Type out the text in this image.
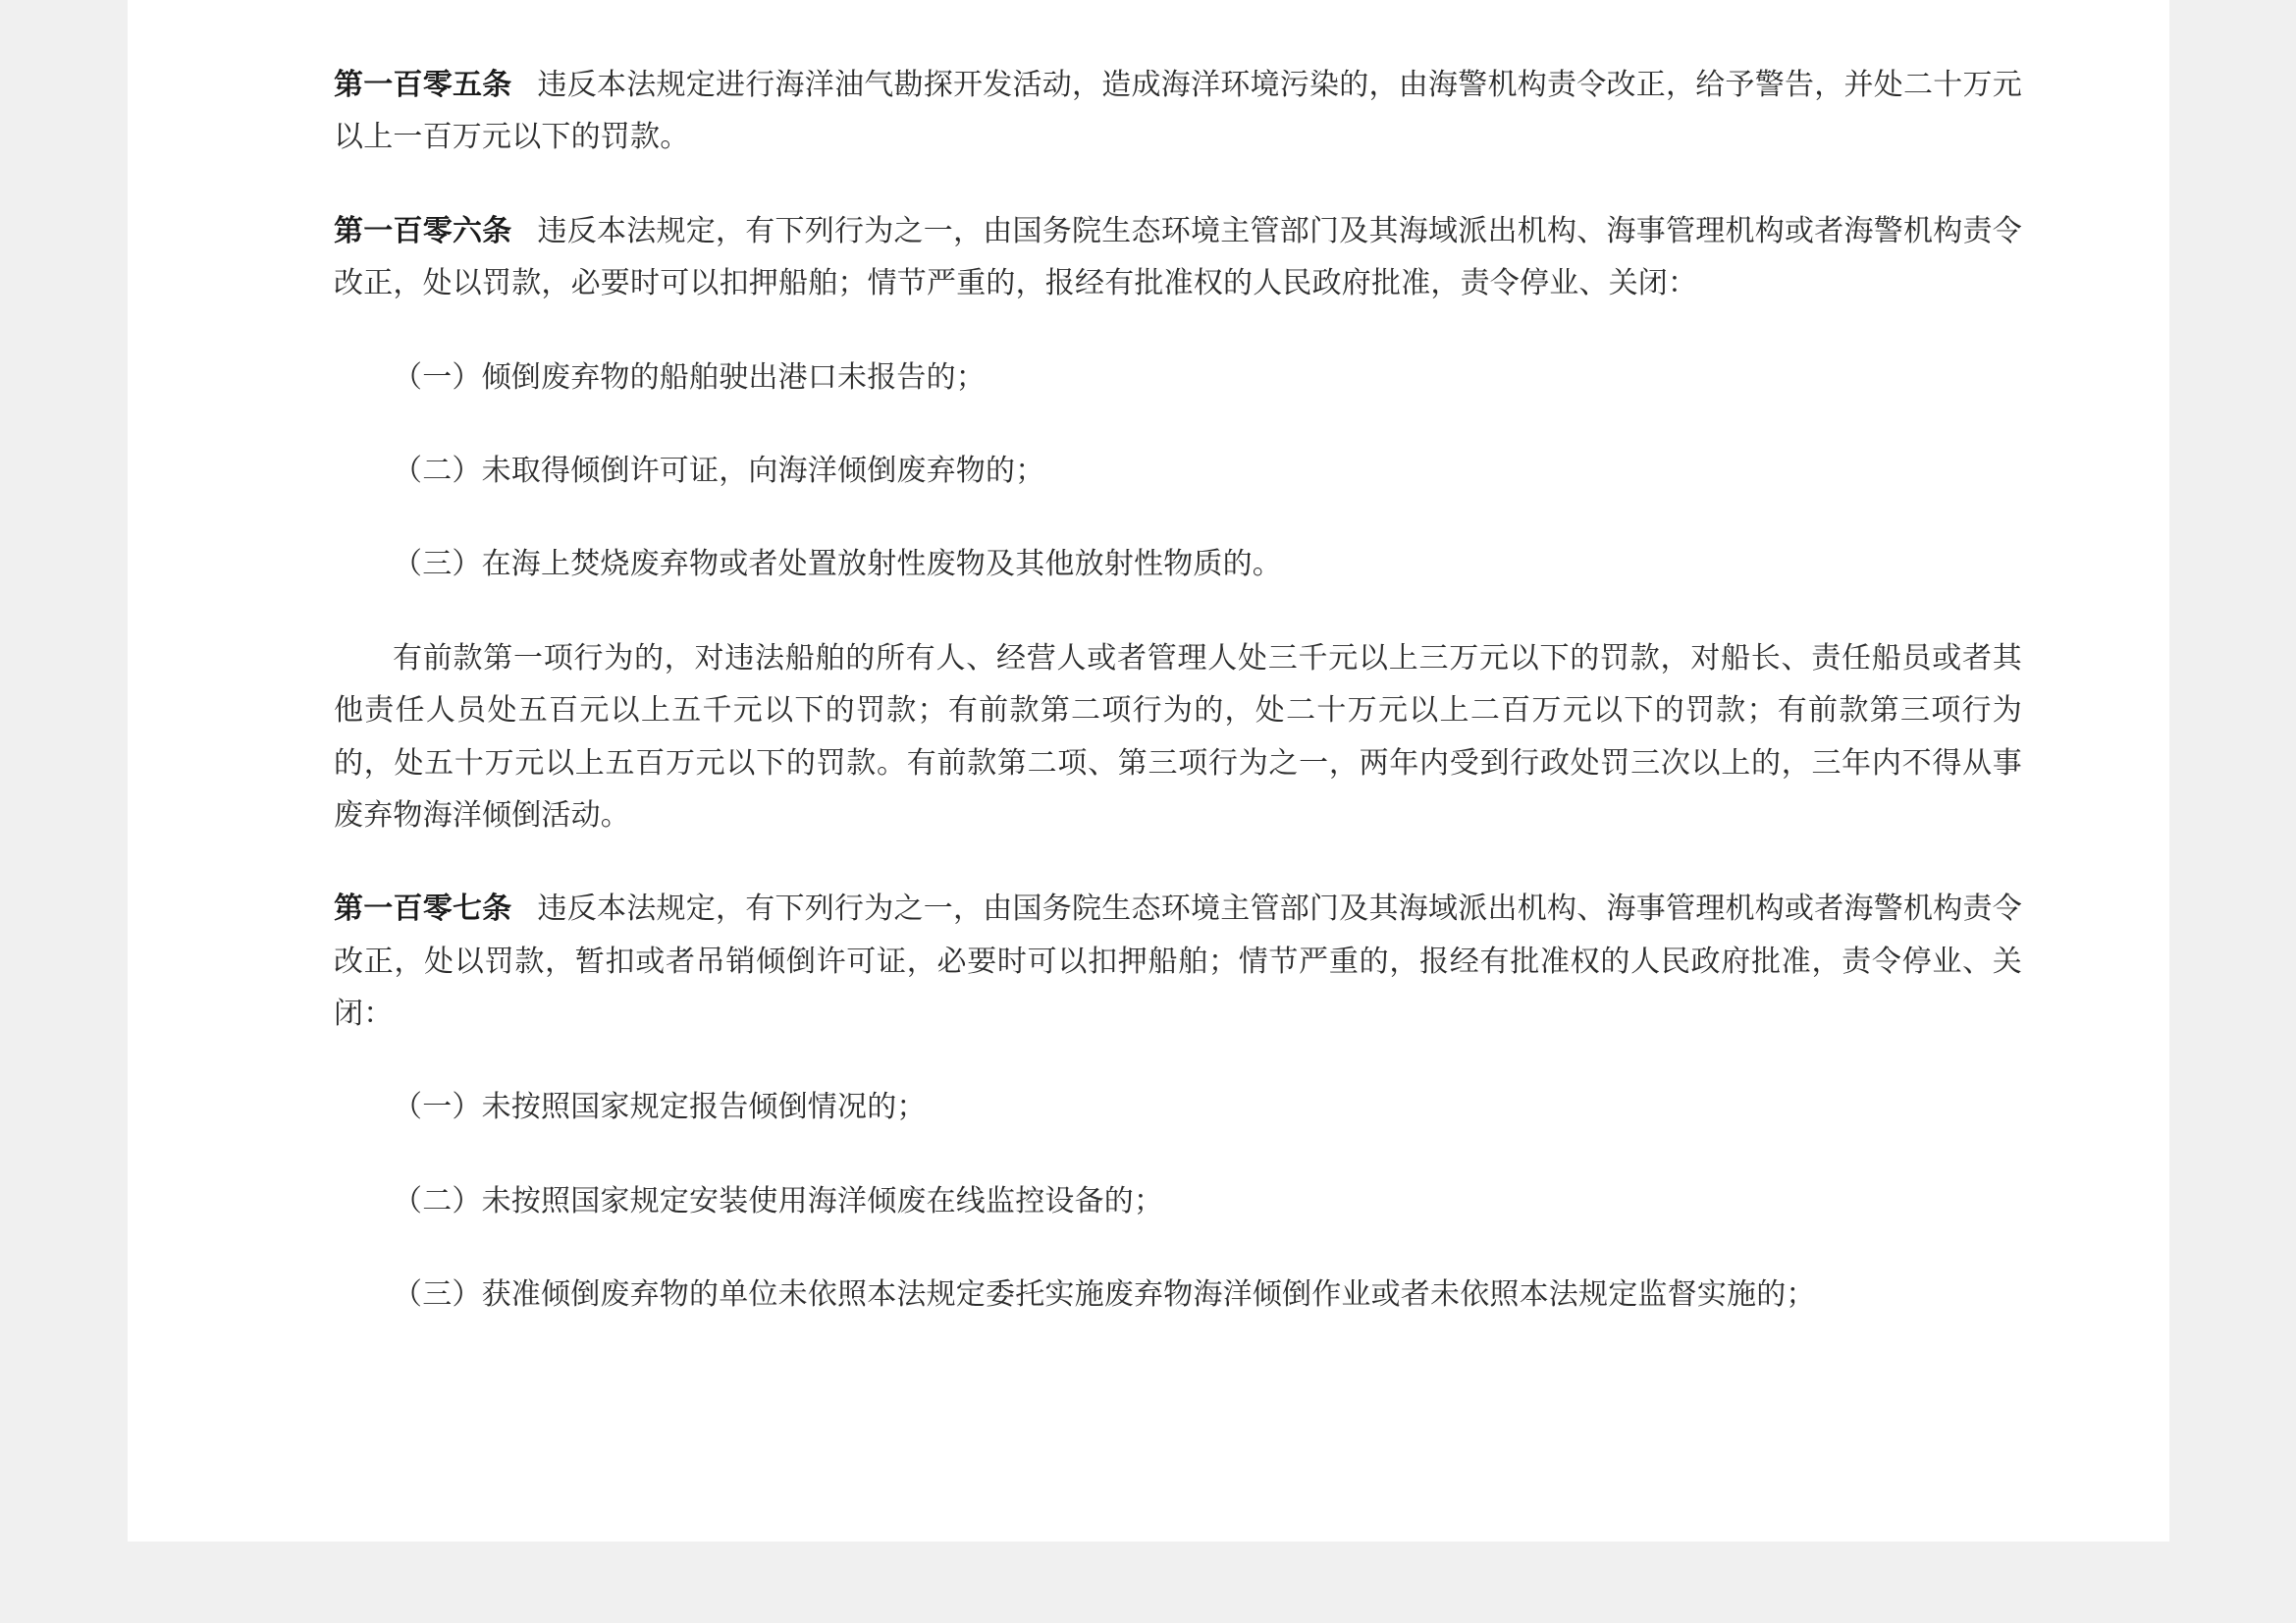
第一百零五条 违反本法规定进行海洋油气勘探开发活动，造成海洋环境污染的，由海警机构责令改正，给予警告，并处二十万元以上一百万元以下的罚款。

第一百零六条 违反本法规定，有下列行为之一，由国务院生态环境主管部门及其海域派出机构、海事管理机构或者海警机构责令改正，处以罚款，必要时可以扣押船舶；情节严重的，报经有批准权的人民政府批准，责令停业、关闭：

（一）倾倒废弃物的船舶驶出港口未报告的；

（二）未取得倾倒许可证，向海洋倾倒废弃物的；

（三）在海上焚烧废弃物或者处置放射性废物及其他放射性物质的。

有前款第一项行为的，对违法船舶的所有人、经营人或者管理人处三千元以上三万元以下的罚款，对船长、责任船员或者其他责任人员处五百元以上五千元以下的罚款；有前款第二项行为的，处二十万元以上二百万元以下的罚款；有前款第三项行为的，处五十万元以上五百万元以下的罚款。有前款第二项、第三项行为之一，两年内受到行政处罚三次以上的，三年内不得从事废弃物海洋倾倒活动。

第一百零七条 违反本法规定，有下列行为之一，由国务院生态环境主管部门及其海域派出机构、海事管理机构或者海警机构责令改正，处以罚款，暂扣或者吊销倾倒许可证，必要时可以扣押船舶；情节严重的，报经有批准权的人民政府批准，责令停业、关闭：

（一）未按照国家规定报告倾倒情况的；

（二）未按照国家规定安装使用海洋倾废在线监控设备的；

（三）获准倾倒废弃物的单位未依照本法规定委托实施废弃物海洋倾倒作业或者未依照本法规定监督实施的；
